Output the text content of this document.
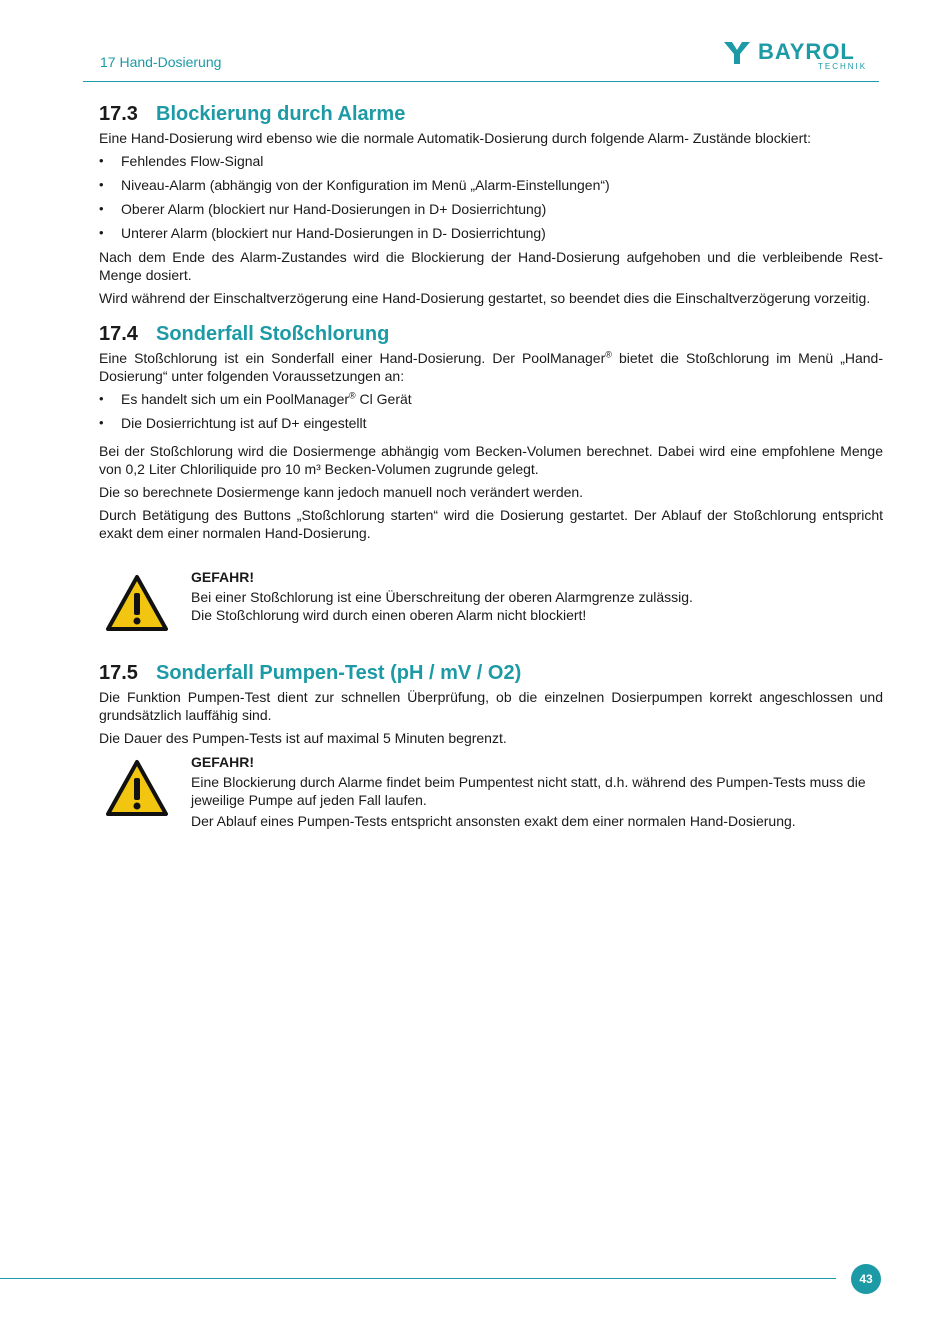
17 Hand-Dosierung	BAYROL
TECHNIK
17.3 Blockierung durch Alarme

Eine Hand-Dosierung wird ebenso wie die normale Automatik-Dosierung durch folgende Alarm- Zustände blockiert:

• Fehlendes Flow-Signal
• Niveau-Alarm (abhängig von der Konfiguration im Menü „Alarm-Einstellungen“)
• Oberer Alarm (blockiert nur Hand-Dosierungen in D+ Dosierrichtung)
• Unterer Alarm (blockiert nur Hand-Dosierungen in D- Dosierrichtung)

Nach dem Ende des Alarm-Zustandes wird die Blockierung der Hand-Dosierung aufgehoben und die verbleibende Rest-Menge dosiert.

Wird während der Einschaltverzögerung eine Hand-Dosierung gestartet, so beendet dies die Einschaltverzögerung vorzeitig.

17.4 Sonderfall Stoßchlorung

Eine Stoßchlorung ist ein Sonderfall einer Hand-Dosierung. Der PoolManager® bietet die Stoßchlorung im Menü „Hand-Dosierung“ unter folgenden Voraussetzungen an:

• Es handelt sich um ein PoolManager® Cl Gerät
• Die Dosierrichtung ist auf D+ eingestellt

Bei der Stoßchlorung wird die Dosiermenge abhängig vom Becken-Volumen berechnet. Dabei wird eine empfohlene Menge von 0,2 Liter Chloriliquide pro 10 m³ Becken-Volumen zugrunde gelegt.

Die so berechnete Dosiermenge kann jedoch manuell noch verändert werden.

Durch Betätigung des Buttons „Stoßchlorung starten“ wird die Dosierung gestartet. Der Ablauf der Stoßchlorung entspricht exakt dem einer normalen Hand-Dosierung.

GEFAHR!

Bei einer Stoßchlorung ist eine Überschreitung der oberen Alarmgrenze zulässig.

Die Stoßchlorung wird durch einen oberen Alarm nicht blockiert!

17.5 Sonderfall Pumpen-Test (pH / mV / O2)

Die Funktion Pumpen-Test dient zur schnellen Überprüfung, ob die einzelnen Dosierpumpen korrekt angeschlossen und grundsätzlich lauffähig sind.

Die Dauer des Pumpen-Tests ist auf maximal 5 Minuten begrenzt.

GEFAHR!

Eine Blockierung durch Alarme findet beim Pumpentest nicht statt, d.h. während des Pumpen-Tests muss die jeweilige Pumpe auf jeden Fall laufen.

Der Ablauf eines Pumpen-Tests entspricht ansonsten exakt dem einer normalen Hand-Dosierung.

43
